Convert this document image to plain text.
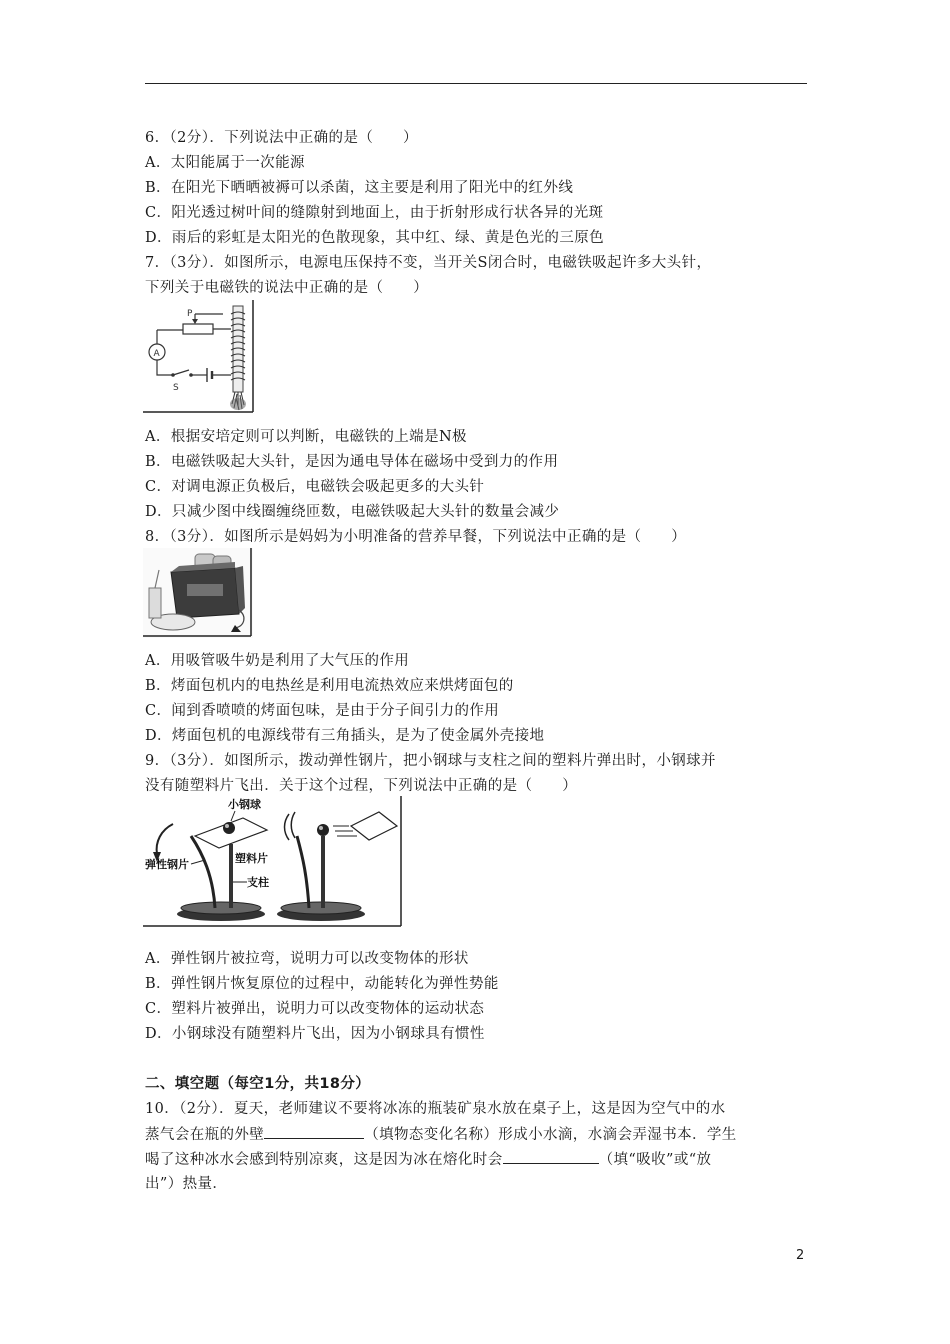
6．（2分）．下列说法中正确的是（　　）
A．太阳能属于一次能源
B．在阳光下晒晒被褥可以杀菌，这主要是利用了阳光中的红外线
C．阳光透过树叶间的缝隙射到地面上，由于折射形成行状各异的光斑
D．雨后的彩虹是太阳光的色散现象，其中红、绿、黄是色光的三原色
7．（3分）．如图所示，电源电压保持不变，当开关S闭合时，电磁铁吸起许多大头针，
下列关于电磁铁的说法中正确的是（　　）
P
A
S
A．根据安培定则可以判断，电磁铁的上端是N极
B．电磁铁吸起大头针，是因为通电导体在磁场中受到力的作用
C．对调电源正负极后，电磁铁会吸起更多的大头针
D．只减少图中线圈缠绕匝数，电磁铁吸起大头针的数量会减少
8．（3分）．如图所示是妈妈为小明准备的营养早餐，下列说法中正确的是（　　）
A．用吸管吸牛奶是利用了大气压的作用
B．烤面包机内的电热丝是利用电流热效应来烘烤面包的
C．闻到香喷喷的烤面包味，是由于分子间引力的作用
D．烤面包机的电源线带有三角插头，是为了使金属外壳接地
9．（3分）．如图所示，拨动弹性钢片，把小钢球与支柱之间的塑料片弹出时，小钢球并
没有随塑料片飞出．关于这个过程，下列说法中正确的是（　　）
小钢球
弹性钢片	塑料片
支柱
A．弹性钢片被拉弯，说明力可以改变物体的形状
B．弹性钢片恢复原位的过程中，动能转化为弹性势能
C．塑料片被弹出，说明力可以改变物体的运动状态
D．小钢球没有随塑料片飞出，因为小钢球具有惯性
二、填空题（每空1分，共18分）
10．（2分）．夏天，老师建议不要将冰冻的瓶装矿泉水放在桌子上，这是因为空气中的水
蒸气会在瓶的外壁	（填物态变化名称）形成小水滴，水滴会弄湿书本．学生
喝了这种冰水会感到特别凉爽，这是因为冰在熔化时会	（填“吸收”或“放
出”）热量．
2
